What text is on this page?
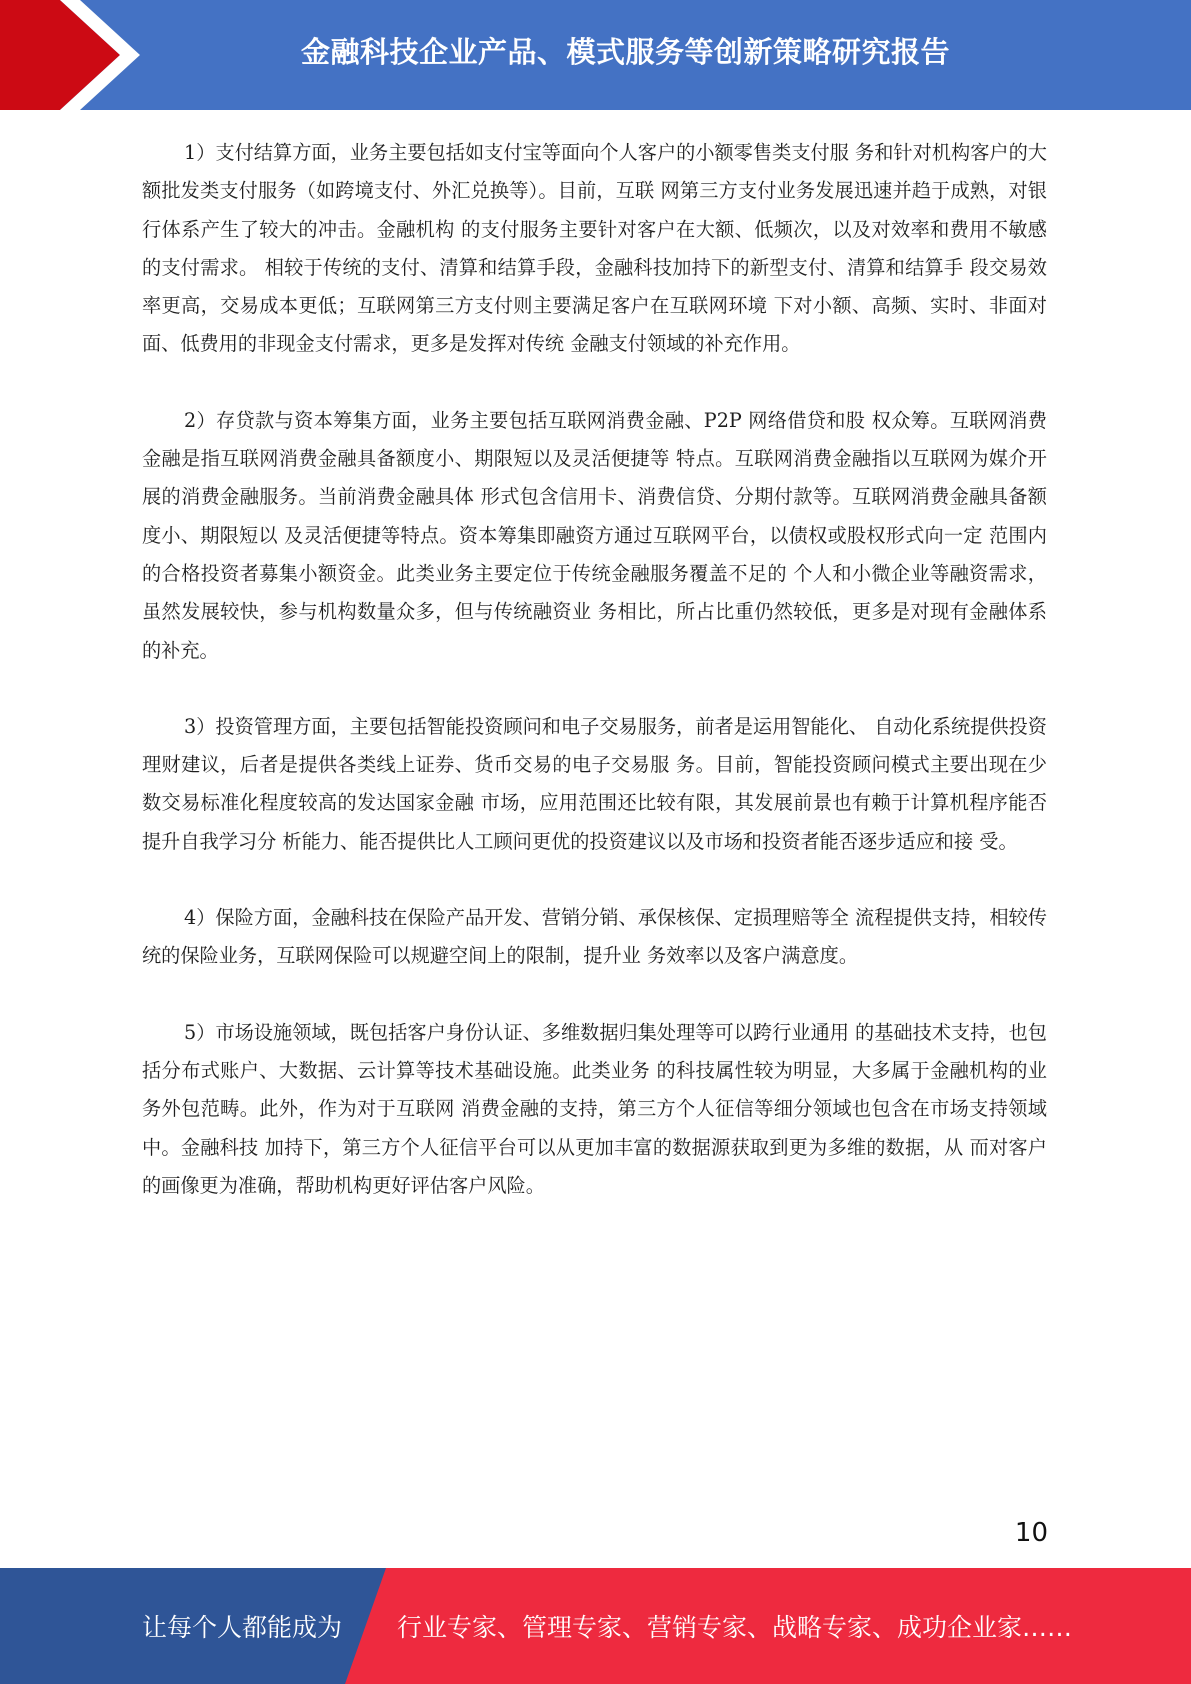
金融科技企业产品、模式服务等创新策略研究报告

1）支付结算方面，业务主要包括如支付宝等面向个人客户的小额零售类支付服 务和针对机构客户的大额批发类支付服务（如跨境支付、外汇兑换等）。目前，互联 网第三方支付业务发展迅速并趋于成熟，对银行体系产生了较大的冲击。金融机构 的支付服务主要针对客户在大额、低频次，以及对效率和费用不敏感的支付需求。 相较于传统的支付、清算和结算手段，金融科技加持下的新型支付、清算和结算手 段交易效率更高，交易成本更低；互联网第三方支付则主要满足客户在互联网环境 下对小额、高频、实时、非面对面、低费用的非现金支付需求，更多是发挥对传统 金融支付领域的补充作用。

2）存贷款与资本筹集方面，业务主要包括互联网消费金融、P2P 网络借贷和股 权众筹。互联网消费金融是指互联网消费金融具备额度小、期限短以及灵活便捷等 特点。互联网消费金融指以互联网为媒介开展的消费金融服务。当前消费金融具体 形式包含信用卡、消费信贷、分期付款等。互联网消费金融具备额度小、期限短以 及灵活便捷等特点。资本筹集即融资方通过互联网平台，以债权或股权形式向一定 范围内的合格投资者募集小额资金。此类业务主要定位于传统金融服务覆盖不足的 个人和小微企业等融资需求，虽然发展较快，参与机构数量众多，但与传统融资业 务相比，所占比重仍然较低，更多是对现有金融体系的补充。

3）投资管理方面，主要包括智能投资顾问和电子交易服务，前者是运用智能化、 自动化系统提供投资理财建议，后者是提供各类线上证券、货币交易的电子交易服 务。目前，智能投资顾问模式主要出现在少数交易标准化程度较高的发达国家金融 市场，应用范围还比较有限，其发展前景也有赖于计算机程序能否提升自我学习分 析能力、能否提供比人工顾问更优的投资建议以及市场和投资者能否逐步适应和接 受。

4）保险方面，金融科技在保险产品开发、营销分销、承保核保、定损理赔等全 流程提供支持，相较传统的保险业务，互联网保险可以规避空间上的限制，提升业 务效率以及客户满意度。

5）市场设施领域，既包括客户身份认证、多维数据归集处理等可以跨行业通用 的基础技术支持，也包括分布式账户、大数据、云计算等技术基础设施。此类业务 的科技属性较为明显，大多属于金融机构的业务外包范畴。此外，作为对于互联网 消费金融的支持，第三方个人征信等细分领域也包含在市场支持领域中。金融科技 加持下，第三方个人征信平台可以从更加丰富的数据源获取到更为多维的数据，从 而对客户的画像更为准确，帮助机构更好评估客户风险。

10
让每个人都能成为 行业专家、管理专家、营销专家、战略专家、成功企业家……
